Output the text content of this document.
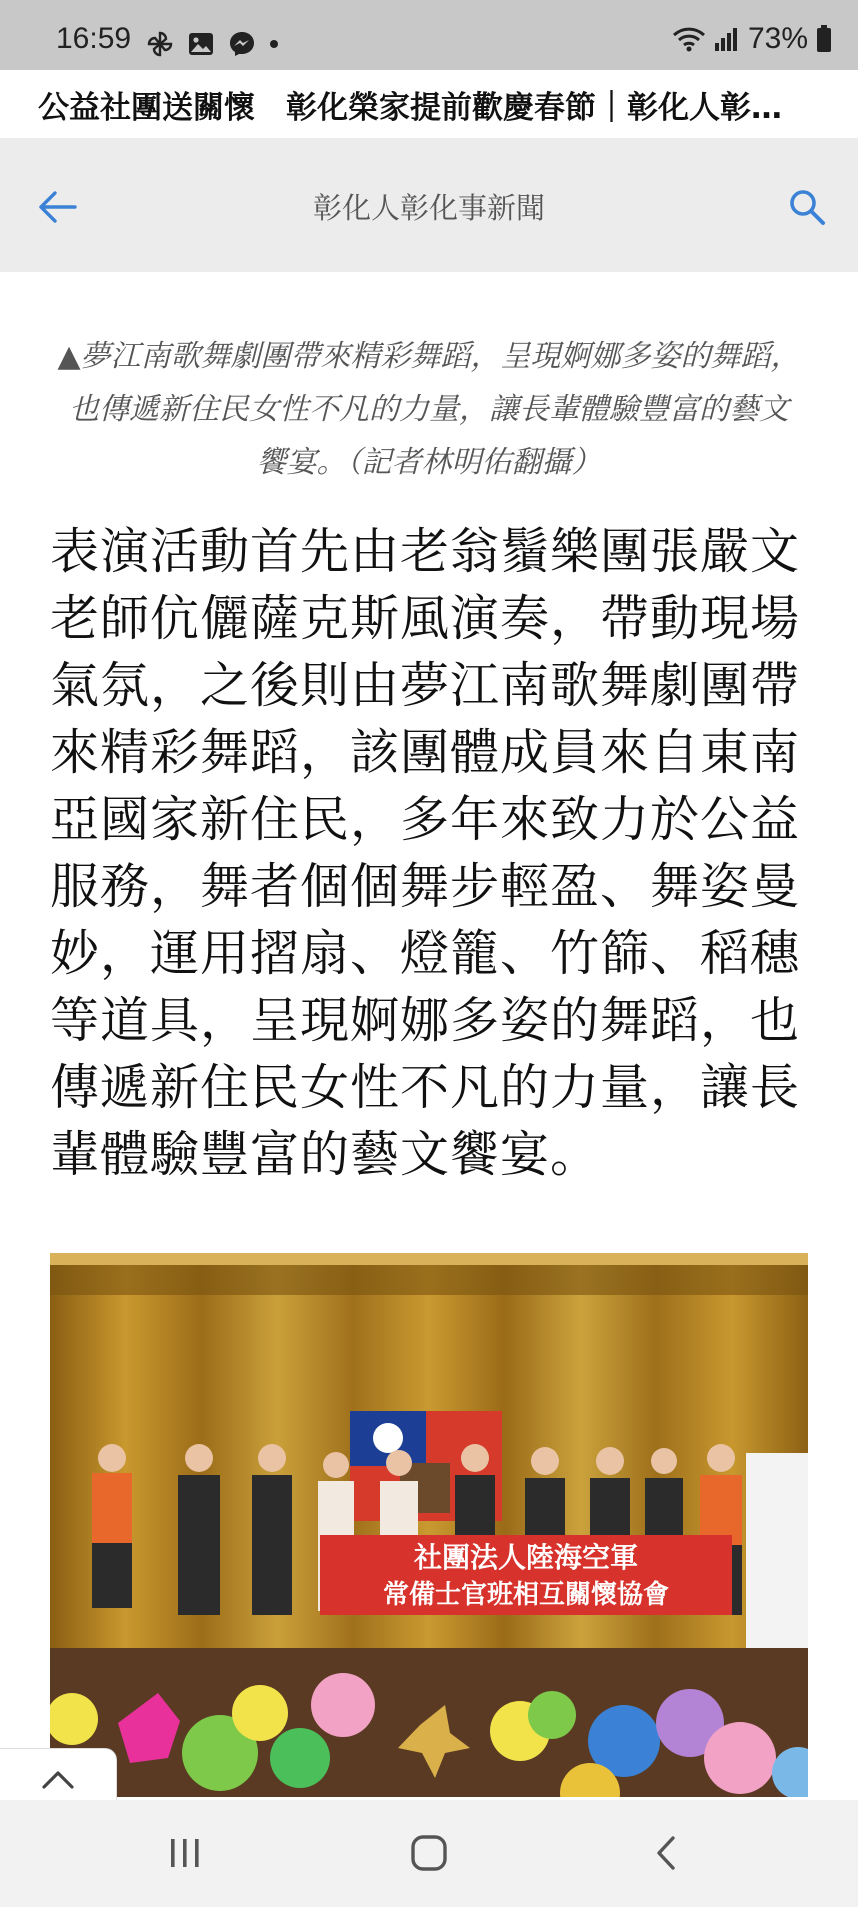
16:59	73%
公益社團送關懷　彰化榮家提前歡慶春節｜彰化人彰…
彰化人彰化事新聞
▲夢江南歌舞劇團帶來精彩舞蹈，呈現婀娜多姿的舞蹈，也傳遞新住民女性不凡的力量，讓長輩體驗豐富的藝文饗宴。（記者林明佑翻攝）
表演活動首先由老翁鬚樂團張嚴文老師伉儷薩克斯風演奏，帶動現場氣氛，之後則由夢江南歌舞劇團帶來精彩舞蹈，該團體成員來自東南亞國家新住民，多年來致力於公益服務，舞者個個舞步輕盈、舞姿曼妙，運用摺扇、燈籠、竹篩、稻穗等道具，呈現婀娜多姿的舞蹈，也傳遞新住民女性不凡的力量，讓長輩體驗豐富的藝文饗宴。
社團法人陸海空軍
常備士官班相互關懷協會
